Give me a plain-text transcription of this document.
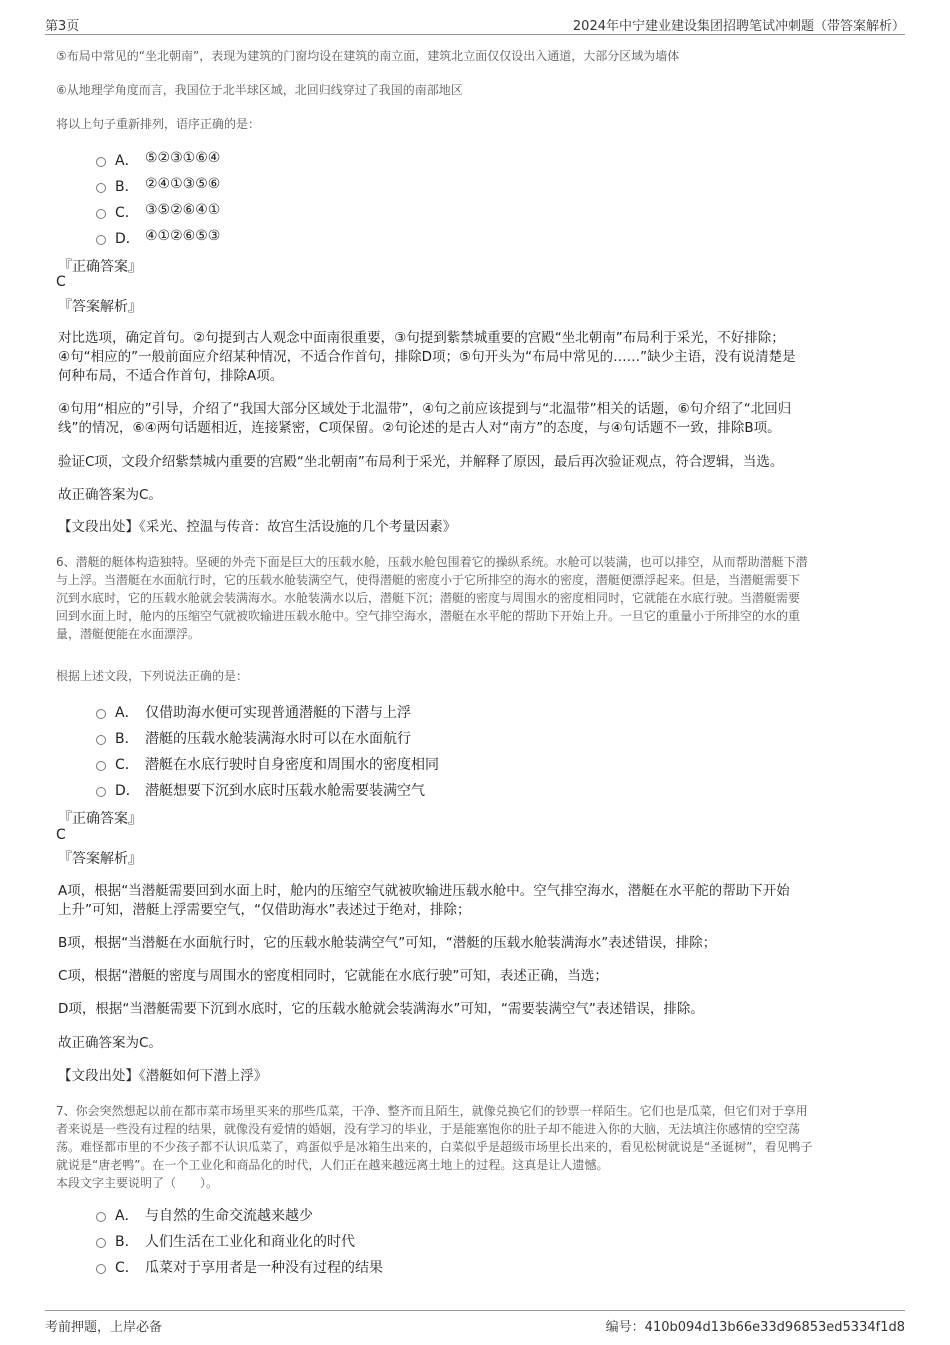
第3页	2024年中宁建业建设集团招聘笔试冲刺题（带答案解析）
⑤布局中常见的“坐北朝南”，表现为建筑的门窗均设在建筑的南立面，建筑北立面仅仅设出入通道，大部分区域为墙体
⑥从地理学角度而言，我国位于北半球区域，北回归线穿过了我国的南部地区
将以上句子重新排列，语序正确的是：
A． ⑤②③①⑥④
B． ②④①③⑤⑥
C． ③⑤②⑥④①
D． ④①②⑥⑤③
『正确答案』
C
『答案解析』
对比选项，确定首句。②句提到古人观念中面南很重要，③句提到紫禁城重要的宫殿“坐北朝南”布局利于采光，不好排除；
④句“相应的”一般前面应介绍某种情况，不适合作首句，排除D项；⑤句开头为“布局中常见的……”缺少主语，没有说清楚是
何种布局，不适合作首句，排除A项。
④句用“相应的”引导，介绍了“我国大部分区域处于北温带”，④句之前应该提到与“北温带”相关的话题，⑥句介绍了“北回归
线”的情况，⑥④两句话题相近，连接紧密，C项保留。②句论述的是古人对“南方”的态度，与④句话题不一致，排除B项。
验证C项，文段介绍紫禁城内重要的宫殿“坐北朝南”布局利于采光，并解释了原因，最后再次验证观点，符合逻辑，当选。
故正确答案为C。
【文段出处】《采光、控温与传音：故宫生活设施的几个考量因素》
6、潜艇的艇体构造独特。坚硬的外壳下面是巨大的压载水舱，压载水舱包围着它的操纵系统。水舱可以装满，也可以排空，从而帮助潜艇下潜
与上浮。当潜艇在水面航行时，它的压载水舱装满空气，使得潜艇的密度小于它所排空的海水的密度，潜艇便漂浮起来。但是，当潜艇需要下
沉到水底时，它的压载水舱就会装满海水。水舱装满水以后，潜艇下沉；潜艇的密度与周围水的密度相同时，它就能在水底行驶。当潜艇需要
回到水面上时，舱内的压缩空气就被吹输进压载水舱中。空气排空海水，潜艇在水平舵的帮助下开始上升。一旦它的重量小于所排空的水的重
量，潜艇便能在水面漂浮。
根据上述文段，下列说法正确的是：
A． 仅借助海水便可实现普通潜艇的下潜与上浮
B． 潜艇的压载水舱装满海水时可以在水面航行
C． 潜艇在水底行驶时自身密度和周围水的密度相同
D． 潜艇想要下沉到水底时压载水舱需要装满空气
『正确答案』
C
『答案解析』
A项，根据“当潜艇需要回到水面上时，舱内的压缩空气就被吹输进压载水舱中。空气排空海水，潜艇在水平舵的帮助下开始
上升”可知，潜艇上浮需要空气，“仅借助海水”表述过于绝对，排除；
B项，根据“当潜艇在水面航行时，它的压载水舱装满空气”可知，“潜艇的压载水舱装满海水”表述错误，排除；
C项，根据“潜艇的密度与周围水的密度相同时，它就能在水底行驶”可知，表述正确，当选；
D项，根据“当潜艇需要下沉到水底时，它的压载水舱就会装满海水”可知，“需要装满空气”表述错误，排除。
故正确答案为C。
【文段出处】《潜艇如何下潜上浮》
7、你会突然想起以前在都市菜市场里买来的那些瓜菜，干净、整齐而且陌生，就像兑换它们的钞票一样陌生。它们也是瓜菜，但它们对于享用
者来说是一些没有过程的结果，就像没有爱情的婚姻，没有学习的毕业，于是能塞饱你的肚子却不能进入你的大脑，无法填注你感情的空空荡
荡。难怪都市里的不少孩子都不认识瓜菜了，鸡蛋似乎是冰箱生出来的，白菜似乎是超级市场里长出来的，看见松树就说是“圣诞树”，看见鸭子
就说是“唐老鸭”。在一个工业化和商品化的时代，人们正在越来越远离土地上的过程。这真是让人遗憾。
本段文字主要说明了（　　）。
A． 与自然的生命交流越来越少
B． 人们生活在工业化和商业化的时代
C． 瓜菜对于享用者是一种没有过程的结果
考前押题，上岸必备	编号：410b094d13b66e33d96853ed5334f1d8
